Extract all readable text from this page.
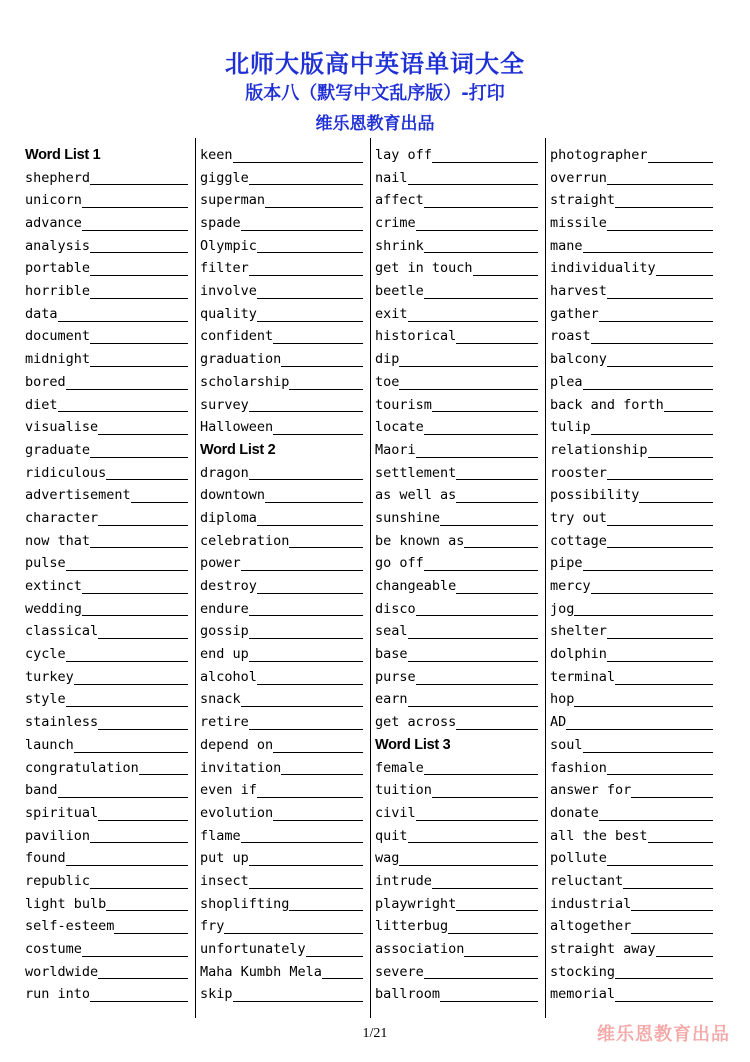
北师大版高中英语单词大全
版本八（默写中文乱序版）-打印
维乐恩教育出品
Word List 1
shepherd
unicorn
advance
analysis
portable
horrible
data
document
midnight
bored
diet
visualise
graduate
ridiculous
advertisement
character
now that
pulse
extinct
wedding
classical
cycle
turkey
style
stainless
launch
congratulation
band
spiritual
pavilion
found
republic
light bulb
self-esteem
costume
worldwide
run into
keen
giggle
superman
spade
Olympic
filter
involve
quality
confident
graduation
scholarship
survey
Halloween
Word List 2
dragon
downtown
diploma
celebration
power
destroy
endure
gossip
end up
alcohol
snack
retire
depend on
invitation
even if
evolution
flame
put up
insect
shoplifting
fry
unfortunately
Maha Kumbh Mela
skip
lay off
nail
affect
crime
shrink
get in touch
beetle
exit
historical
dip
toe
tourism
locate
Maori
settlement
as well as
sunshine
be known as
go off
changeable
disco
seal
base
purse
earn
get across
Word List 3
female
tuition
civil
quit
wag
intrude
playwright
litterbug
association
severe
ballroom
photographer
overrun
straight
missile
mane
individuality
harvest
gather
roast
balcony
plea
back and forth
tulip
relationship
rooster
possibility
try out
cottage
pipe
mercy
jog
shelter
dolphin
terminal
hop
AD
soul
fashion
answer for
donate
all the best
pollute
reluctant
industrial
altogether
straight away
stocking
memorial
1/21	维乐恩教育出品
